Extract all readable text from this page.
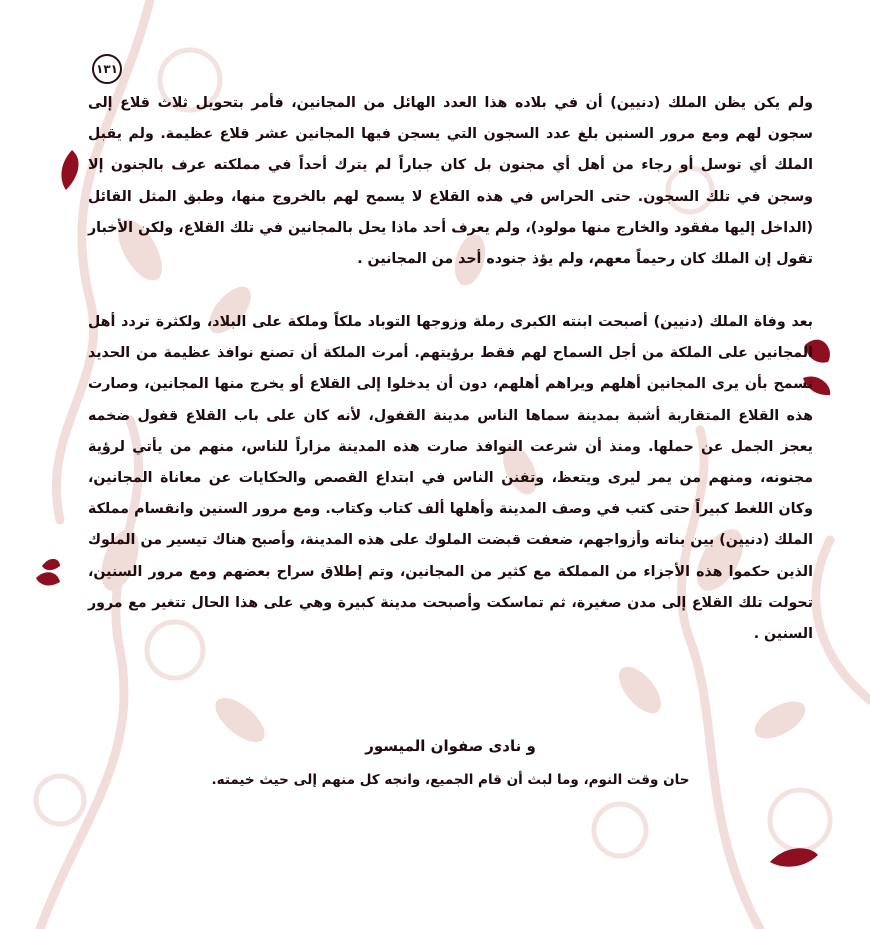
١٣١
ولم يكن يظن الملك (دنيين) أن في بلاده هذا العدد الهائل من المجانين، فأمر بتحويل ثلاث قلاع إلى سجون لهم ومع مرور السنين بلغ عدد السجون التي يسجن فيها المجانين عشر قلاع عظيمة. ولم يقبل الملك أي توسل أو رجاء من أهل أي مجنون بل كان جباراً لم يترك أحداً في مملكته عرف بالجنون إلا وسجن في تلك السجون. حتى الحراس في هذه القلاع لا يسمح لهم بالخروج منها، وطبق المثل القائل (الداخل إليها مفقود والخارج منها مولود)، ولم يعرف أحد ماذا يحل بالمجانين في تلك القلاع، ولكن الأخبار تقول إن الملك كان رحيماً معهم، ولم يؤذ جنوده أحد من المجانين .
بعد وفاة الملك (دنيين) أصبحت ابنته الكبرى رملة وزوجها التوباد ملكاً وملكة على البلاد، ولكثرة تردد أهل المجانين على الملكة من أجل السماح لهم فقط برؤيتهم. أمرت الملكة أن تصنع نوافذ عظيمة من الحديد تسمح بأن يرى المجانين أهلهم ويراهم أهلهم، دون أن يدخلوا إلى القلاع أو يخرج منها المجانين، وصارت هذه القلاع المتقاربة أشبة بمدينة سماها الناس مدينة القفول، لأنه كان على باب القلاع قفول ضخمه يعجز الجمل عن حملها. ومنذ أن شرعت النوافذ صارت هذه المدينة مزاراً للناس، منهم من يأتي لرؤية مجنونه، ومنهم من يمر ليرى ويتعظ، وتفنن الناس في ابتداع القصص والحكايات عن معاناة المجانين، وكان اللغط كبيراً حتى كتب في وصف المدينة وأهلها ألف كتاب وكتاب. ومع مرور السنين وانقسام مملكة الملك (دنيين) بين بناته وأزواجهم، ضعفت قبضت الملوك على هذه المدينة، وأصبح هناك تيسير من الملوك الذين حكموا هذه الأجزاء من المملكة مع كثير من المجانين، وتم إطلاق سراح بعضهم ومع مرور السنين، تحولت تلك القلاع إلى مدن صغيرة، ثم تماسكت وأصبحت مدينة كبيرة وهي على هذا الحال تتغير مع مرور السنين .
و نادى صفوان الميسور
حان وقت النوم، وما لبث أن قام الجميع، وانجه كل منهم إلى حيث خيمته.
